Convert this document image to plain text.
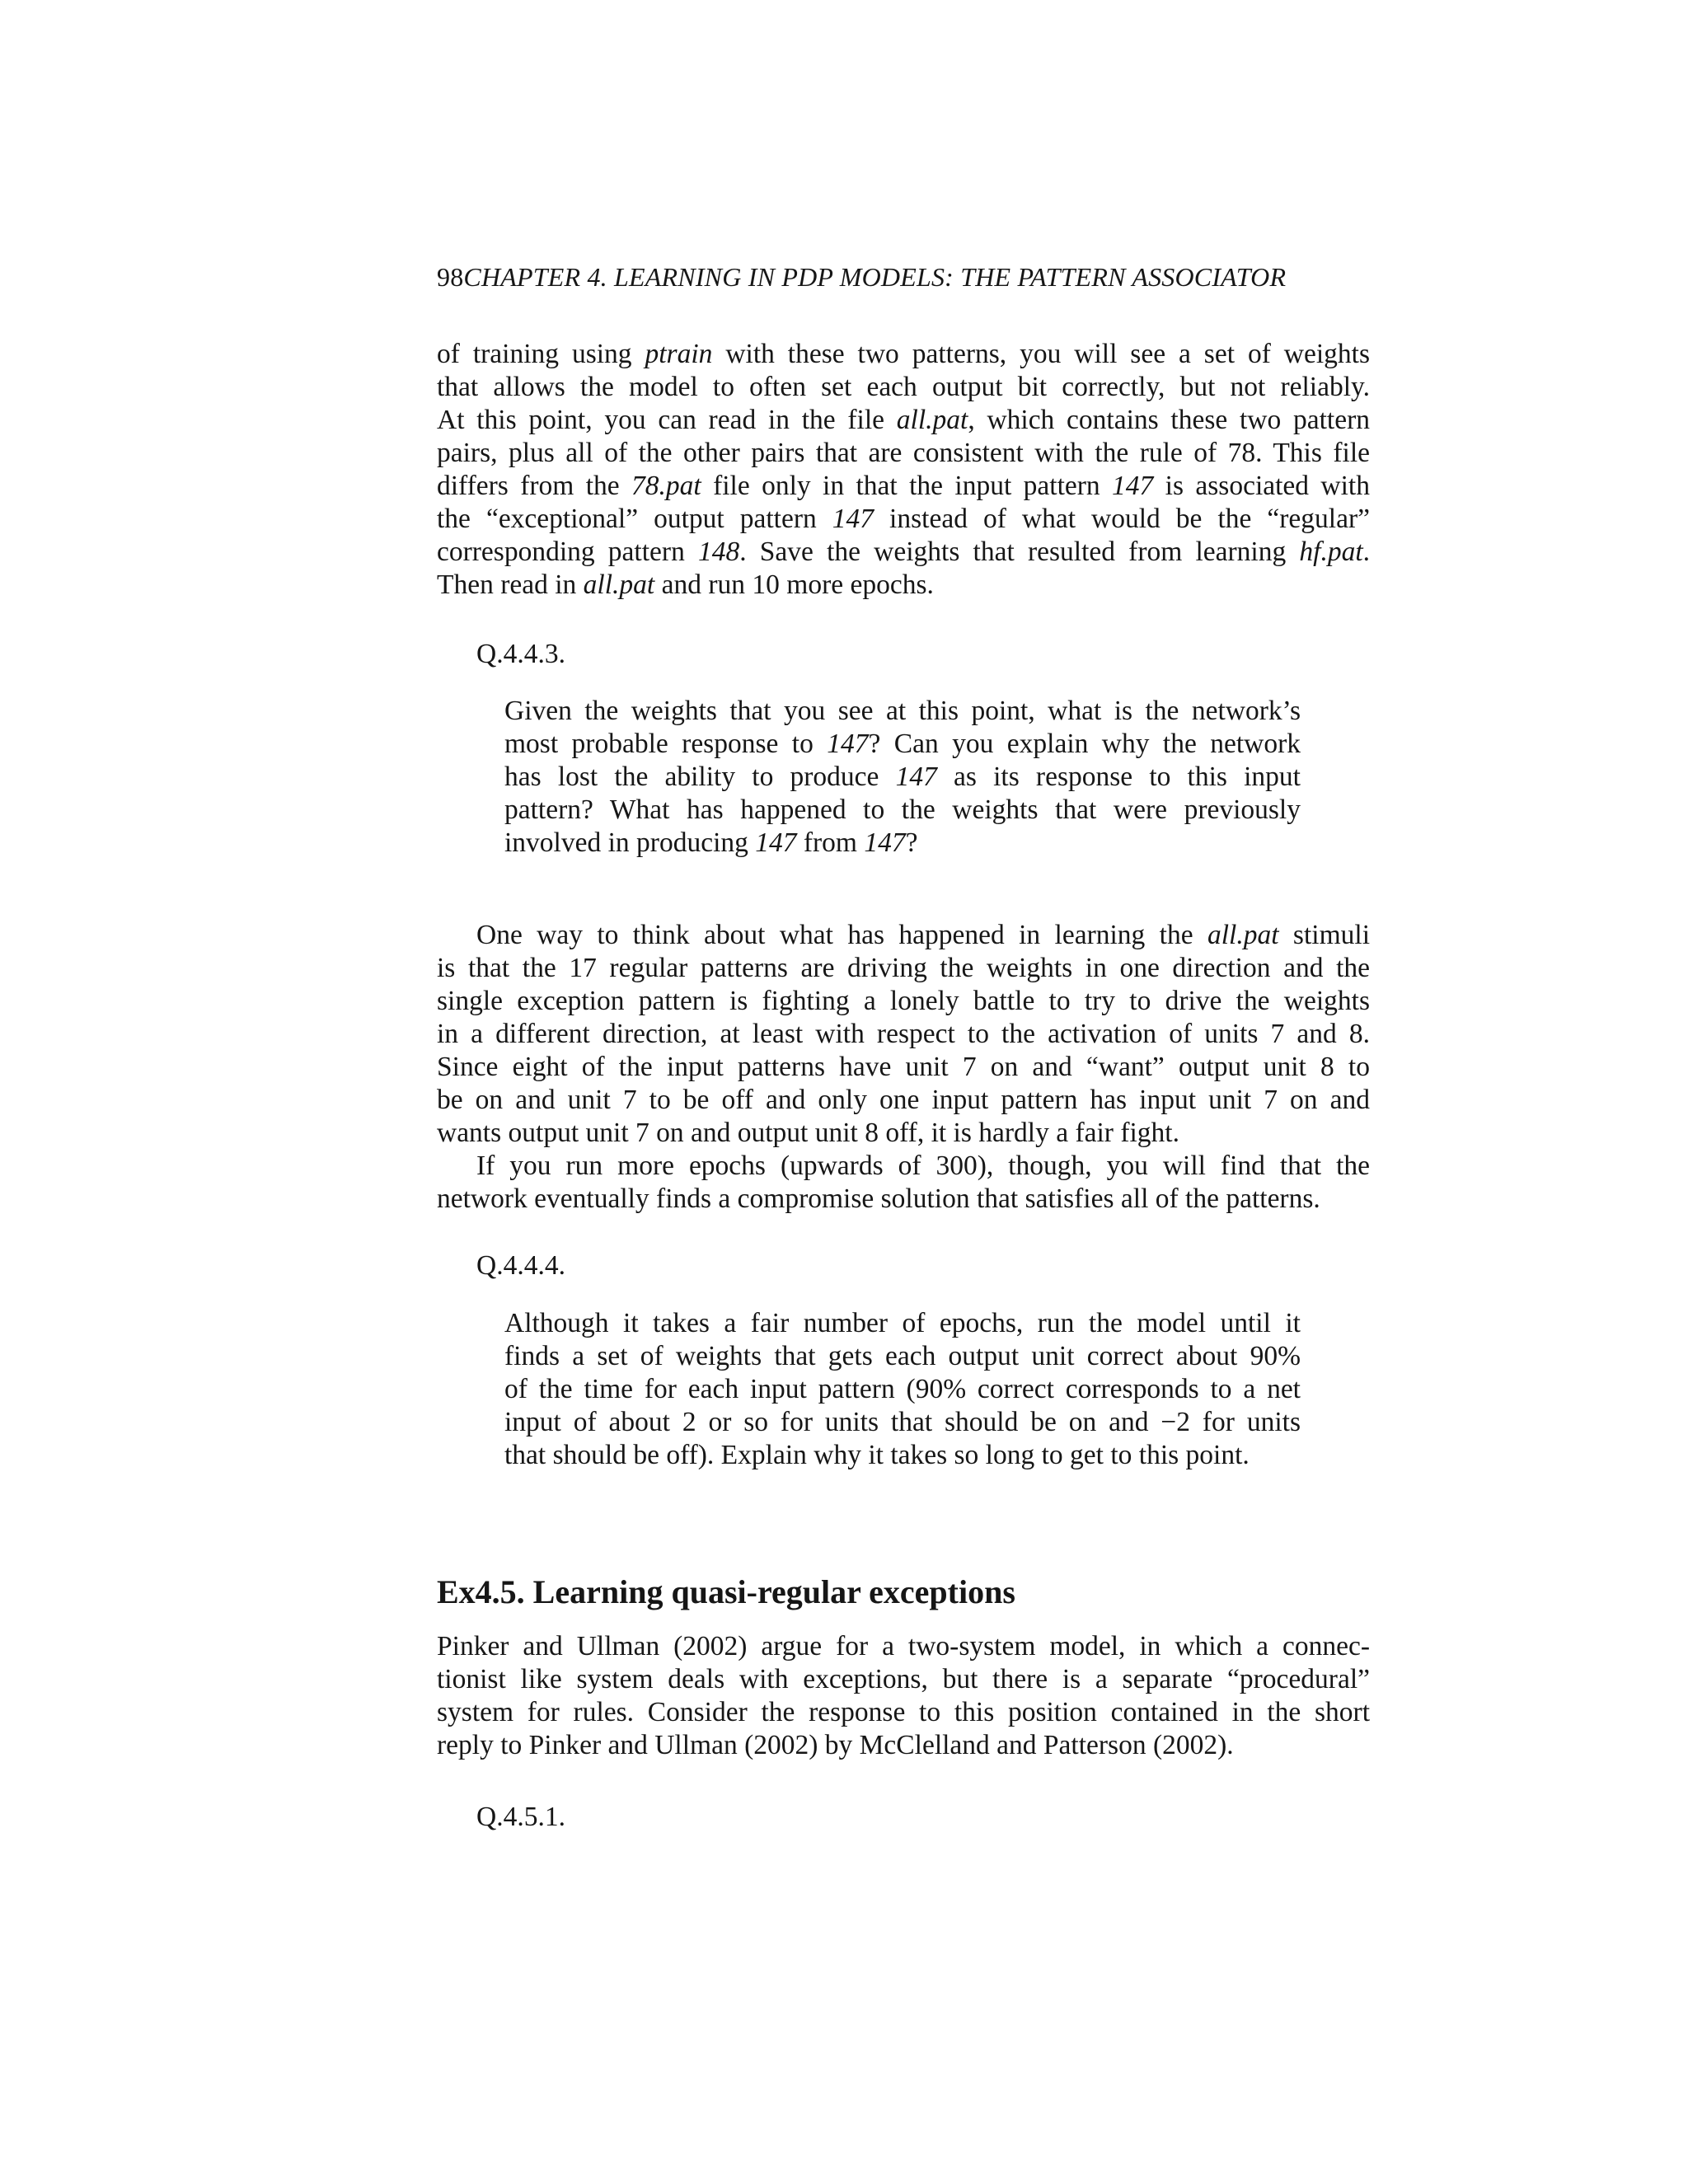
98CHAPTER 4. LEARNING IN PDP MODELS: THE PATTERN ASSOCIATOR
of training using ptrain with these two patterns, you will see a set of weights
that allows the model to often set each output bit correctly, but not reliably.
At this point, you can read in the file all.pat, which contains these two pattern
pairs, plus all of the other pairs that are consistent with the rule of 78. This file
differs from the 78.pat file only in that the input pattern 147 is associated with
the “exceptional” output pattern 147 instead of what would be the “regular”
corresponding pattern 148. Save the weights that resulted from learning hf.pat.
Then read in all.pat and run 10 more epochs.
Q.4.4.3.
Given the weights that you see at this point, what is the network’s
most probable response to 147? Can you explain why the network
has lost the ability to produce 147 as its response to this input
pattern? What has happened to the weights that were previously
involved in producing 147 from 147?
One way to think about what has happened in learning the all.pat stimuli
is that the 17 regular patterns are driving the weights in one direction and the
single exception pattern is fighting a lonely battle to try to drive the weights
in a different direction, at least with respect to the activation of units 7 and 8.
Since eight of the input patterns have unit 7 on and “want” output unit 8 to
be on and unit 7 to be off and only one input pattern has input unit 7 on and
wants output unit 7 on and output unit 8 off, it is hardly a fair fight.
If you run more epochs (upwards of 300), though, you will find that the
network eventually finds a compromise solution that satisfies all of the patterns.
Q.4.4.4.
Although it takes a fair number of epochs, run the model until it
finds a set of weights that gets each output unit correct about 90%
of the time for each input pattern (90% correct corresponds to a net
input of about 2 or so for units that should be on and −2 for units
that should be off). Explain why it takes so long to get to this point.
Ex4.5. Learning quasi-regular exceptions
Pinker and Ullman (2002) argue for a two-system model, in which a connec-
tionist like system deals with exceptions, but there is a separate “procedural”
system for rules. Consider the response to this position contained in the short
reply to Pinker and Ullman (2002) by McClelland and Patterson (2002).
Q.4.5.1.
